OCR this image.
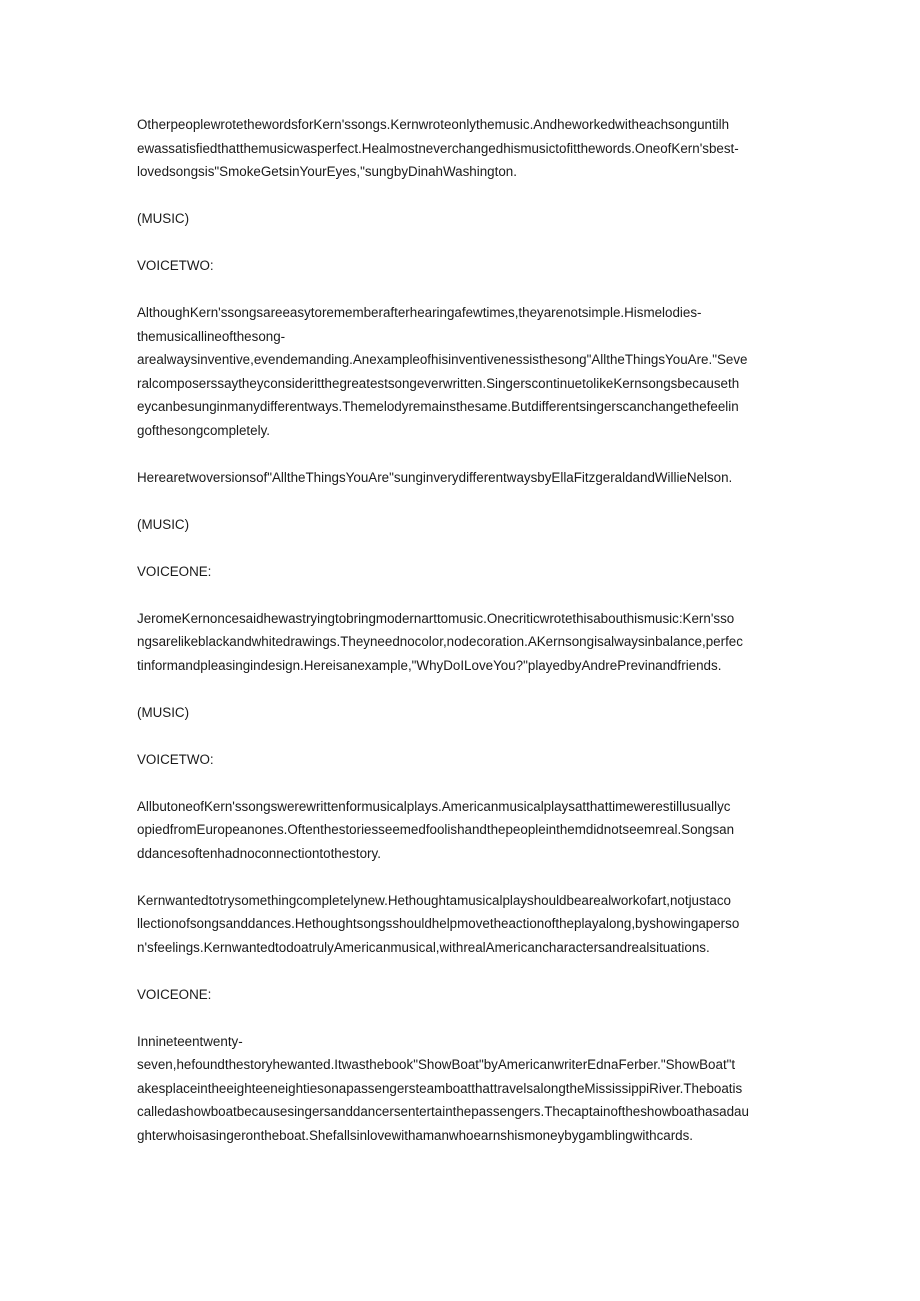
OtherpeoplewrotethewordsforKern'ssongs.Kernwroteonlythemusic.Andheworkedwitheachsonguntilh
ewassatisfiedthatthemusicwasperfect.Healmostneverchangedhismusictofitthewords.OneofKern'sbest-
lovedsongsis"SmokeGetsinYourEyes,"sungbyDinahWashington.

(MUSIC)

VOICETWO:

AlthoughKern'ssongsareeasytorememberafterhearingafewtimes,theyarenotsimple.Hismelodies-
themusicallineofthesong-
arealwaysinventive,evendemanding.Anexampleofhisinventivenessisthesong"AlltheThingsYouAre."Seve
ralcomposerssaytheyconsideritthegreatestsongeverwritten.SingerscontinuetolikeKernsongsbecauseth
eycanbesunginmanydifferentways.Themelodyremainsthesame.Butdifferentsingerscanchangethefeelin
gofthesongcompletely.

Herearetwoversionsof"AlltheThingsYouAre"sunginverydifferentwaysbyEllaFitzgeraldandWillieNelson.

(MUSIC)

VOICEONE:

JeromeKernoncesaidhewastryingtobringmodernarttomusic.Onecriticwrotethisabouthismusic:Kern'sso
ngsarelikeblackandwhitedrawings.Theyneednocolor,nodecoration.AKernsongisalwaysinbalance,perfec
tinformandpleasingindesign.Hereisanexample,"WhyDoILoveYou?"playedbyAndrePrevinandfriends.

(MUSIC)

VOICETWO:

AllbutoneofKern'ssongswerewrittenformusicalplays.Americanmusicalplaysatthattimewerestillusuallyc
opiedfromEuropeanones.Oftenthestoriesseemedfoolishandthepeopleinthemdidnotseemreal.Songsan
ddancesoftenhadnoconnectiontothestory.

Kernwantedtotrysomethingcompletelynew.Hethoughtamusicalplayshouldbearealworkofart,notjustaco
llectionofsongsanddances.Hethoughtsongsshouldhelpmovetheactionoftheplayalong,byshowingaperso
n'sfeelings.KernwantedtodoatrulyAmericanmusical,withrealAmericancharactersandrealsituations.

VOICEONE:

Innineteentwenty-
seven,hefoundthestoryhewanted.Itwasthebook"ShowBoat"byAmericanwriterEdnaFerber."ShowBoat"t
akesplaceintheeighteeneightiesonapassengersteamboatthattravelsalongtheMississippiRiver.Theboatis
calledashowboatbecausesingersanddancersentertainthepassengers.Thecaptainoftheshowboathasadau
ghterwhoisasingerontheboat.Shefallsinlovewithamanwhoearnshismoneybygamblingwithcards.
